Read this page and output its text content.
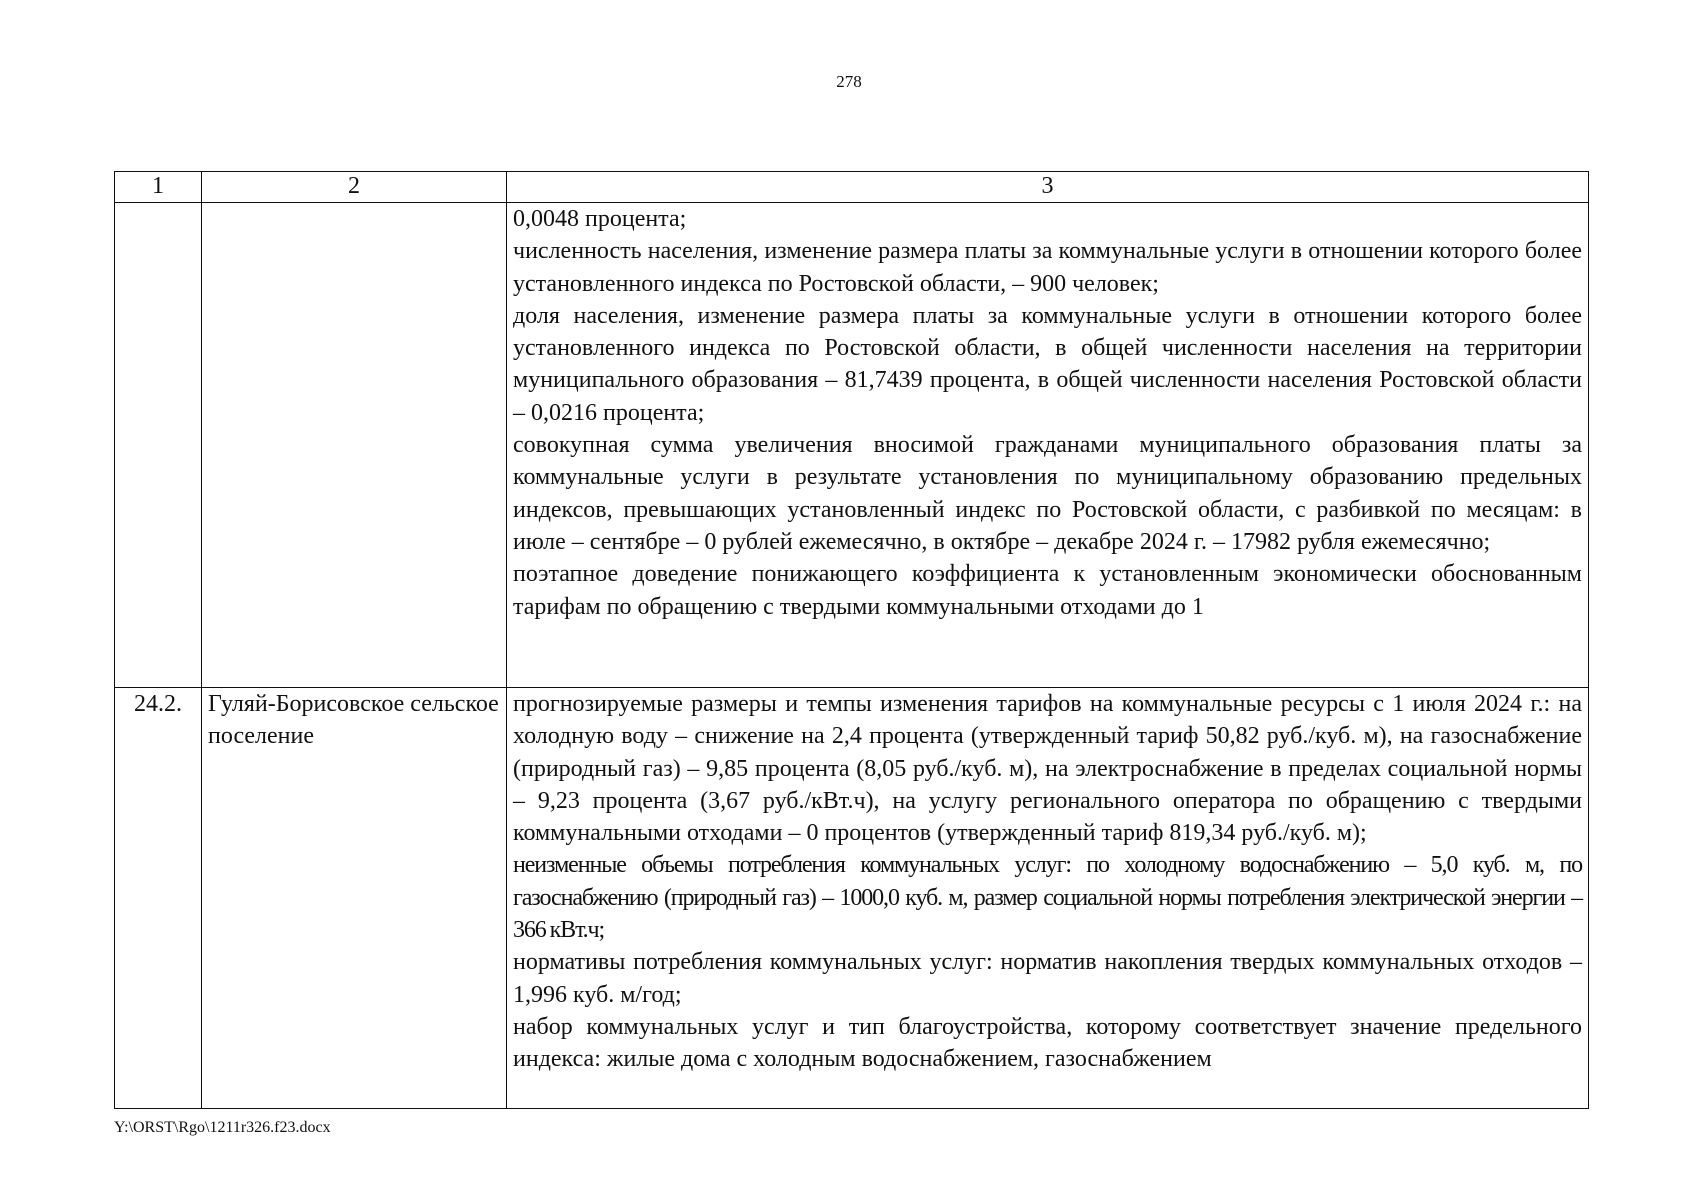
278
1	2	3

		0,0048 процента;
численность населения, изменение размера платы за коммунальные услуги в отношении которого более установленного индекса по Ростовской области, – 900 человек;
доля населения, изменение размера платы за коммунальные услуги в отношении которого более установленного индекса по Ростовской области, в общей численности населения на территории муниципального образования – 81,7439 процента, в общей численности населения Ростовской области – 0,0216 процента;
совокупная сумма увеличения вносимой гражданами муниципального образования платы за коммунальные услуги в результате установления по муниципальному образованию предельных индексов, превышающих установленный индекс по Ростовской области, с разбивкой по месяцам: в июле – сентябре – 0 рублей ежемесячно, в октябре – декабре 2024 г. – 17982 рубля ежемесячно;
поэтапное доведение понижающего коэффициента к установленным экономически обоснованным тарифам по обращению с твердыми коммунальными отходами до 1

24.2.	Гуляй-Борисовское сельское поселение	прогнозируемые размеры и темпы изменения тарифов на коммунальные ресурсы с 1 июля 2024 г.: на холодную воду – снижение на 2,4 процента (утвержденный тариф 50,82 руб./куб. м), на газоснабжение (природный газ) – 9,85 процента (8,05 руб./куб. м), на электроснабжение в пределах социальной нормы – 9,23 процента (3,67 руб./кВт.ч), на услугу регионального оператора по обращению с твердыми коммунальными отходами – 0 процентов (утвержденный тариф 819,34 руб./куб. м);
неизменные объемы потребления коммунальных услуг: по холодному водоснабжению – 5,0 куб. м, по газоснабжению (природный газ) – 1000,0 куб. м, размер социальной нормы потребления электрической энергии – 366 кВт.ч;
нормативы потребления коммунальных услуг: норматив накопления твердых коммунальных отходов – 1,996 куб. м/год;
набор коммунальных услуг и тип благоустройства, которому соответствует значение предельного индекса: жилые дома с холодным водоснабжением, газоснабжением
Y:\ORST\Rgo\1211r326.f23.docx
